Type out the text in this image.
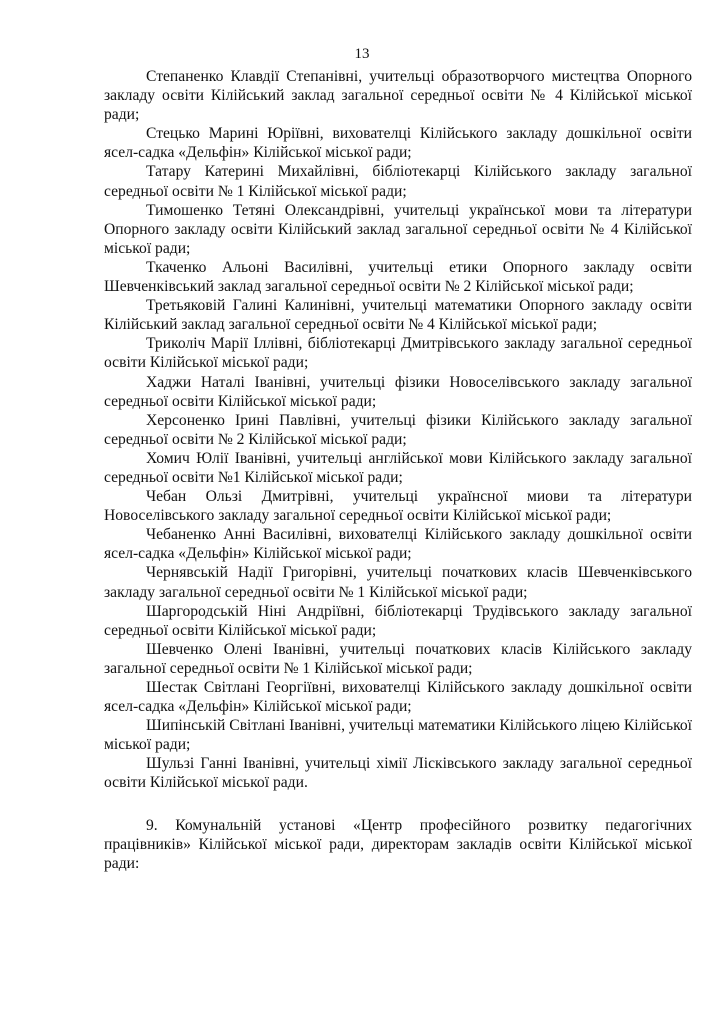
13

Степаненко Клавдії Степанівні, учительці образотворчого мистецтва Опорного закладу освіти Кілійський заклад загальної середньої освіти № 4 Кілійської міської ради;

Стецько Марині Юріївні, вихователці Кілійського закладу дошкільної освіти ясел-садка «Дельфін» Кілійської міської ради;

Татару Катерині Михайлівні, бібліотекарці Кілійського закладу загальної середньої освіти № 1 Кілійської міської ради;

Тимошенко Тетяні Олександрівні, учительці української мови та літератури Опорного закладу освіти Кілійський заклад загальної середньої освіти № 4 Кілійської міської ради;

Ткаченко Альоні Василівні, учительці етики Опорного закладу освіти Шевченківський заклад загальної середньої освіти № 2 Кілійської міської ради;

Третьяковій Галині Калинівні, учительці математики Опорного закладу освіти Кілійський заклад загальної середньої освіти № 4 Кілійської міської ради;

Триколіч Марії Іллівні, бібліотекарці Дмитрівського закладу загальної середньої освіти Кілійської міської ради;

Хаджи Наталі Іванівні, учительці фізики Новоселівського закладу загальної середньої освіти Кілійської міської ради;

Херсоненко Ірині Павлівні, учительці фізики Кілійського закладу загальної середньої освіти № 2 Кілійської міської ради;

Хомич Юлії Іванівні, учительці англійської мови Кілійського закладу загальної середньої освіти №1 Кілійської міської ради;

Чебан Ользі Дмитрівні, учительці українсної миови та літератури Новоселівського закладу загальної середньої освіти Кілійської міської ради;

Чебаненко Анні Василівні, вихователці Кілійського закладу дошкільної освіти ясел-садка «Дельфін» Кілійської міської ради;

Чернявській Надії Григорівні, учительці початкових класів Шевченківського закладу загальної середньої освіти № 1 Кілійської міської ради;

Шаргородській Ніні Андріївні, бібліотекарці Трудівського закладу загальної середньої освіти Кілійської міської ради;

Шевченко Олені Іванівні, учительці початкових класів Кілійського закладу загальної середньої освіти № 1 Кілійської міської ради;

Шестак Світлані Георгіївні, вихователці Кілійського закладу дошкільної освіти ясел-садка «Дельфін» Кілійської міської ради;

Шипінській Світлані Іванівні, учительці математики Кілійського ліцею Кілійської міської ради;

Шульзі Ганні Іванівні, учительці хімії Лісківського закладу загальної середньої освіти Кілійської міської ради.

9. Комунальній установі «Центр професійного розвитку педагогічних працівників» Кілійської міської ради, директорам закладів освіти Кілійської міської ради:
